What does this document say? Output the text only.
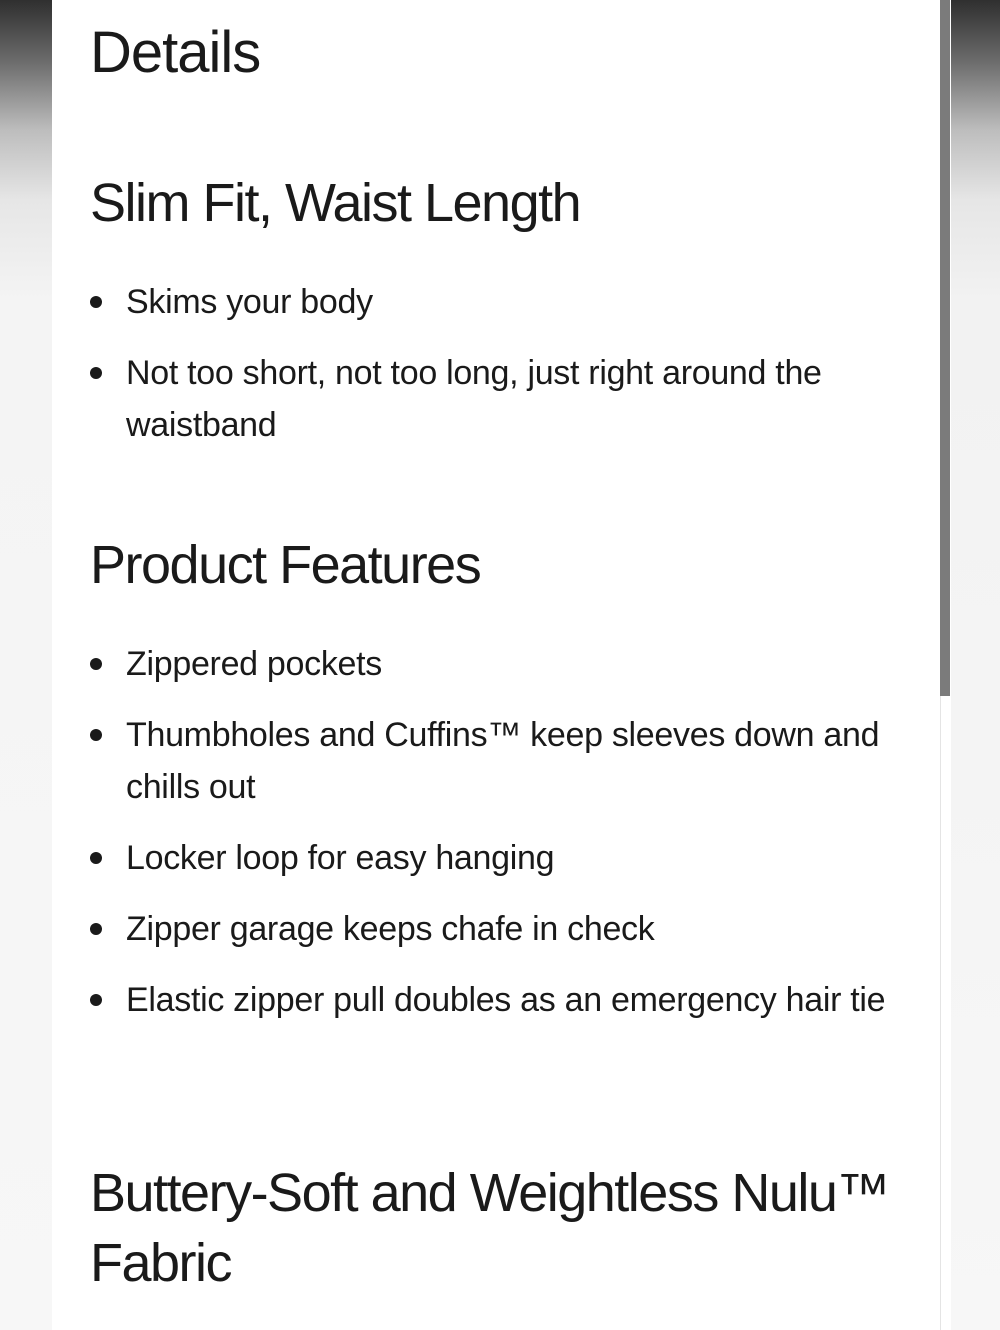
Details
Slim Fit, Waist Length
Skims your body
Not too short, not too long, just right around the waistband
Product Features
Zippered pockets
Thumbholes and Cuffins™ keep sleeves down and chills out
Locker loop for easy hanging
Zipper garage keeps chafe in check
Elastic zipper pull doubles as an emergency hair tie
Buttery-Soft and Weightless Nulu™ Fabric
